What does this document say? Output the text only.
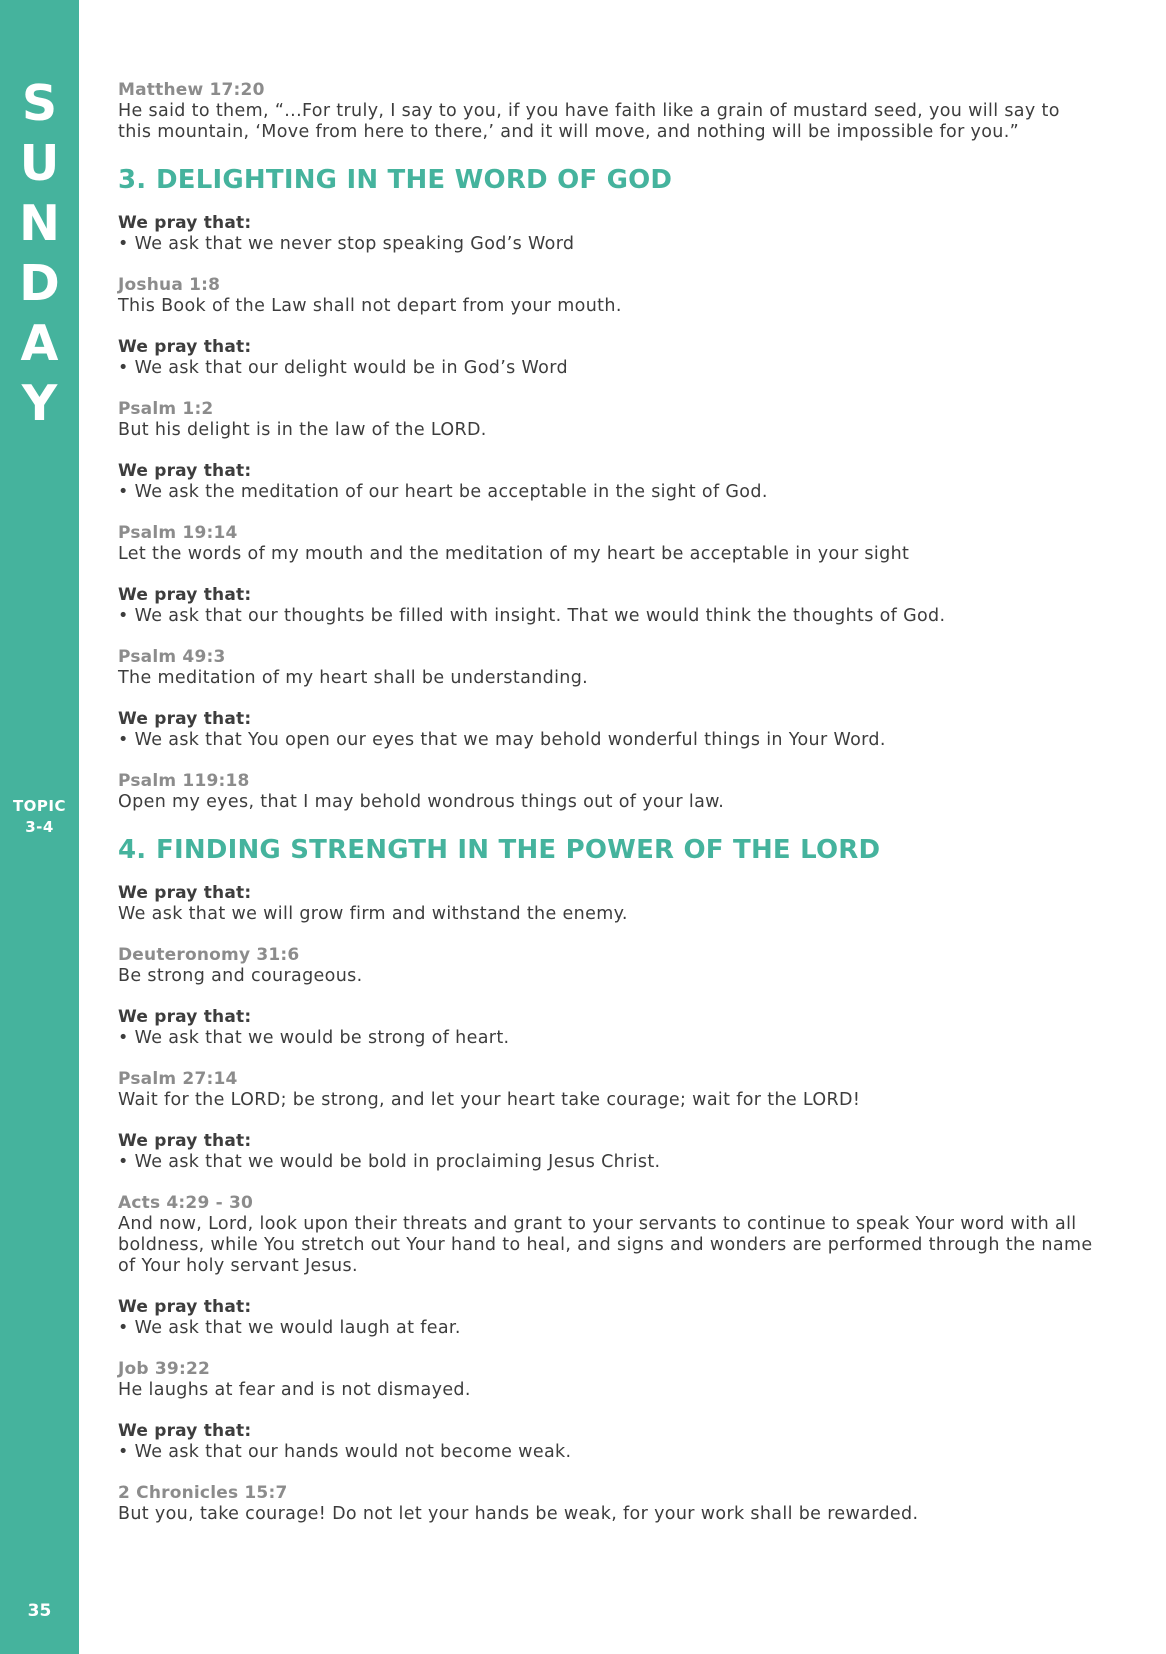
S
U
N
D
A
Y
TOPIC
3-4
35
Matthew 17:20
He said to them, “...For truly, I say to you, if you have faith like a grain of mustard seed, you will say to this mountain, ‘Move from here to there,’ and it will move, and nothing will be impossible for you.”
3. DELIGHTING IN THE WORD OF GOD
We pray that:
• We ask that we never stop speaking God’s Word
Joshua 1:8
This Book of the Law shall not depart from your mouth.
We pray that:
• We ask that our delight would be in God’s Word
Psalm 1:2
But his delight is in the law of the LORD.
We pray that:
• We ask the meditation of our heart be acceptable in the sight of God.
Psalm 19:14
Let the words of my mouth and the meditation of my heart be acceptable in your sight
We pray that:
• We ask that our thoughts be filled with insight. That we would think the thoughts of God.
Psalm 49:3
The meditation of my heart shall be understanding.
We pray that:
• We ask that You open our eyes that we may behold wonderful things in Your Word.
Psalm 119:18
Open my eyes, that I may behold wondrous things out of your law.
4. FINDING STRENGTH IN THE POWER OF THE LORD
We pray that:
We ask that we will grow firm and withstand the enemy.
Deuteronomy 31:6
Be strong and courageous.
We pray that:
• We ask that we would be strong of heart.
Psalm 27:14
Wait for the LORD; be strong, and let your heart take courage; wait for the LORD!
We pray that:
• We ask that we would be bold in proclaiming Jesus Christ.
Acts 4:29 - 30
And now, Lord, look upon their threats and grant to your servants to continue to speak Your word with all boldness, while You stretch out Your hand to heal, and signs and wonders are performed through the name of Your holy servant Jesus.
We pray that:
• We ask that we would laugh at fear.
Job 39:22
He laughs at fear and is not dismayed.
We pray that:
• We ask that our hands would not become weak.
2 Chronicles 15:7
But you, take courage! Do not let your hands be weak, for your work shall be rewarded.
